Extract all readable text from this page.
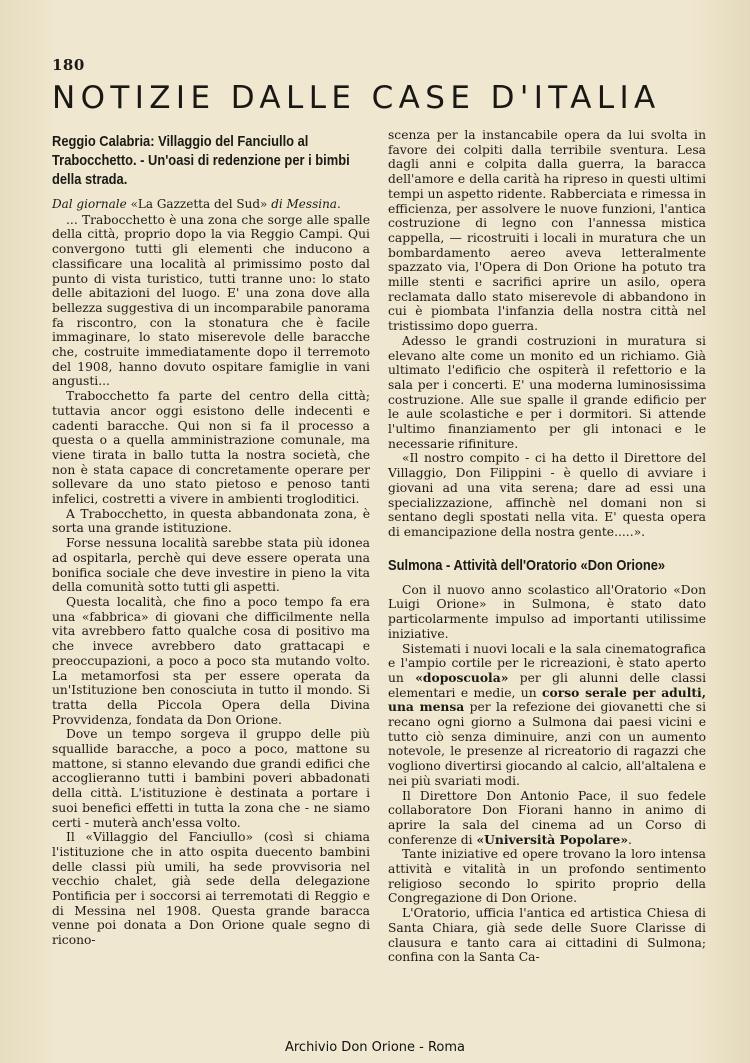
180
NOTIZIE DALLE CASE D'ITALIA
Reggio Calabria: Villaggio del Fanciullo al Trabocchetto. - Un'oasi di redenzione per i bimbi della strada.

Dal giornale «La Gazzetta del Sud» di Messina.

... Trabocchetto è una zona che sorge alle spalle della città, proprio dopo la via Reggio Campi. Qui convergono tutti gli elementi che inducono a classificare una località al primissimo posto dal punto di vista turistico, tutti tranne uno: lo stato delle abitazioni del luogo. E' una zona dove alla bellezza suggestiva di un incomparabile panorama fa riscontro, con la stonatura che è facile immaginare, lo stato miserevole delle baracche che, costruite immediatamente dopo il terremoto del 1908, hanno dovuto ospitare famiglie in vani angusti...

Trabocchetto fa parte del centro della città; tuttavia ancor oggi esistono delle indecenti e cadenti baracche. Qui non si fa il processo a questa o a quella amministrazione comunale, ma viene tirata in ballo tutta la nostra società, che non è stata capace di concretamente operare per sollevare da uno stato pietoso e penoso tanti infelici, costretti a vivere in ambienti trogloditici.

A Trabocchetto, in questa abbandonata zona, è sorta una grande istituzione.

Forse nessuna località sarebbe stata più idonea ad ospitarla, perchè qui deve essere operata una bonifica sociale che deve investire in pieno la vita della comunità sotto tutti gli aspetti.

Questa località, che fino a poco tempo fa era una «fabbrica» di giovani che difficilmente nella vita avrebbero fatto qualche cosa di positivo ma che invece avrebbero dato grattacapi e preoccupazioni, a poco a poco sta mutando volto. La metamorfosi sta per essere operata da un'Istituzione ben conosciuta in tutto il mondo. Si tratta della Piccola Opera della Divina Provvidenza, fondata da Don Orione.

Dove un tempo sorgeva il gruppo delle più squallide baracche, a poco a poco, mattone su mattone, si stanno elevando due grandi edifici che accoglieranno tutti i bambini poveri abbadonati della città. L'istituzione è destinata a portare i suoi benefici effetti in tutta la zona che - ne siamo certi - muterà anch'essa volto.

Il «Villaggio del Fanciullo» (così si chiama l'istituzione che in atto ospita duecento bambini delle classi più umili, ha sede provvisoria nel vecchio chalet, già sede della delegazione Pontificia per i soccorsi ai terremotati di Reggio e di Messina nel 1908. Questa grande baracca venne poi donata a Don Orione quale segno di ricono-

scenza per la instancabile opera da lui svolta in favore dei colpiti dalla terribile sventura. Lesa dagli anni e colpita dalla guerra, la baracca dell'amore e della carità ha ripreso in questi ultimi tempi un aspetto ridente. Rabberciata e rimessa in efficienza, per assolvere le nuove funzioni, l'antica costruzione di legno con l'annessa mistica cappella, — ricostruiti i locali in muratura che un bombardamento aereo aveva letteralmente spazzato via, l'Opera di Don Orione ha potuto tra mille stenti e sacrifici aprire un asilo, opera reclamata dallo stato miserevole di abbandono in cui è piombata l'infanzia della nostra città nel tristissimo dopo guerra.

Adesso le grandi costruzioni in muratura si elevano alte come un monito ed un richiamo. Già ultimato l'edificio che ospiterà il refettorio e la sala per i concerti. E' una moderna luminosissima costruzione. Alle sue spalle il grande edificio per le aule scolastiche e per i dormitori. Si attende l'ultimo finanziamento per gli intonaci e le necessarie rifiniture.

«Il nostro compito - ci ha detto il Direttore del Villaggio, Don Filippini - è quello di avviare i giovani ad una vita serena; dare ad essi una specializzazione, affinchè nel domani non si sentano degli spostati nella vita. E' questa opera di emancipazione della nostra gente.....».

Sulmona - Attività dell'Oratorio «Don Orione»

Con il nuovo anno scolastico all'Oratorio «Don Luigi Orione» in Sulmona, è stato dato particolarmente impulso ad importanti utilissime iniziative.

Sistemati i nuovi locali e la sala cinematografica e l'ampio cortile per le ricreazioni, è stato aperto un «doposcuola» per gli alunni delle classi elementari e medie, un corso serale per adulti, una mensa per la refezione dei giovanetti che si recano ogni giorno a Sulmona dai paesi vicini e tutto ciò senza diminuire, anzi con un aumento notevole, le presenze al ricreatorio di ragazzi che vogliono divertirsi giocando al calcio, all'altalena e nei più svariati modi.

Il Direttore Don Antonio Pace, il suo fedele collaboratore Don Fiorani hanno in animo di aprire la sala del cinema ad un Corso di conferenze di «Università Popolare».

Tante iniziative ed opere trovano la loro intensa attività e vitalità in un profondo sentimento religioso secondo lo spirito proprio della Congregazione di Don Orione.

L'Oratorio, ufficia l'antica ed artistica Chiesa di Santa Chiara, già sede delle Suore Clarisse di clausura e tanto cara ai cittadini di Sulmona; confina con la Santa Ca-

Archivio Don Orione - Roma
